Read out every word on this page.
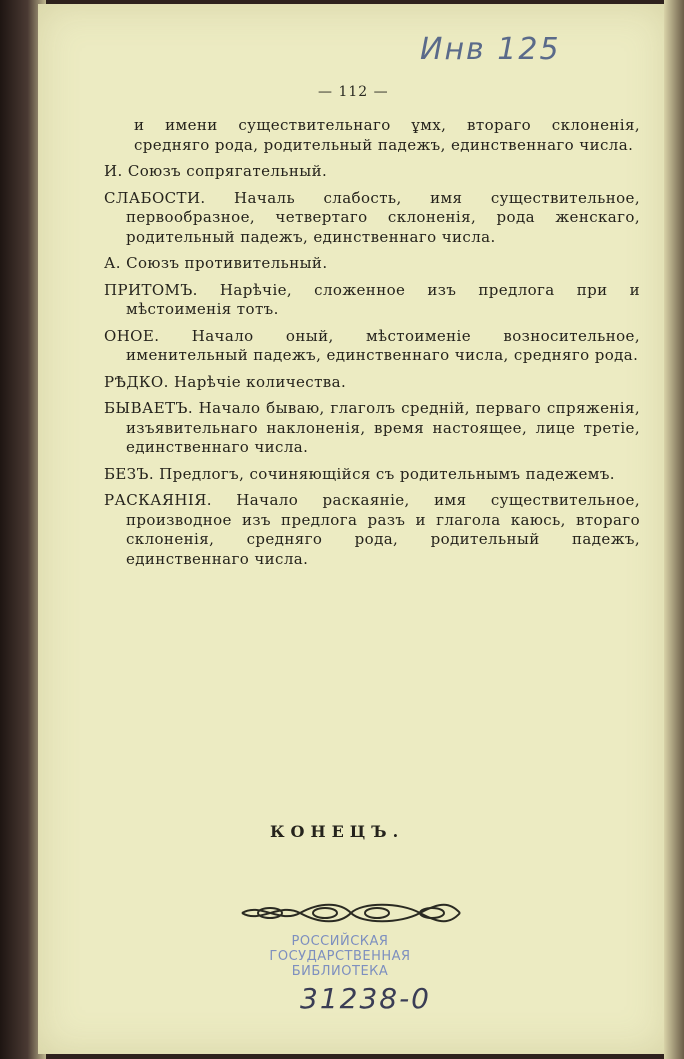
Инв 125
— 112 —

и имени существительнаго ұмх, втораго склоненія, средняго рода, родительный падежъ, единственнаго числа.

И. Союзъ сопрягательный.

СЛАБОСТИ. Началь слабость, имя существительное, первообразное, четвертаго склоненія, рода женскаго, родительный падежъ, единственнаго числа.

А. Союзъ противительный.

ПРИТОМЪ. Нарѣчіе, сложенное изъ предлога при и мѣстоименія тотъ.

ОНОЕ. Начало оный, мѣстоименіе возносительное, именительный падежъ, единственнаго числа, средняго рода.

РѢДКО. Нарѣчіе количества.

БЫВАЕТЪ. Начало бываю, глаголъ средній, перваго спряженія, изъявительнаго наклоненія, время настоящее, лице третіе, единственнаго числа.

БЕЗЪ. Предлогъ, сочиняющійся съ родительнымъ падежемъ.

РАСКАЯНІЯ. Начало раскаяніе, имя существительное, производное изъ предлога разъ и глагола каюсь, втораго склоненія, средняго рода, родительный падежъ, единственнаго числа.

КОНЕЦЪ.
РОССИЙСКАЯ
ГОСУДАРСТВЕННАЯ
БИБЛИОТЕКА
31238-0
